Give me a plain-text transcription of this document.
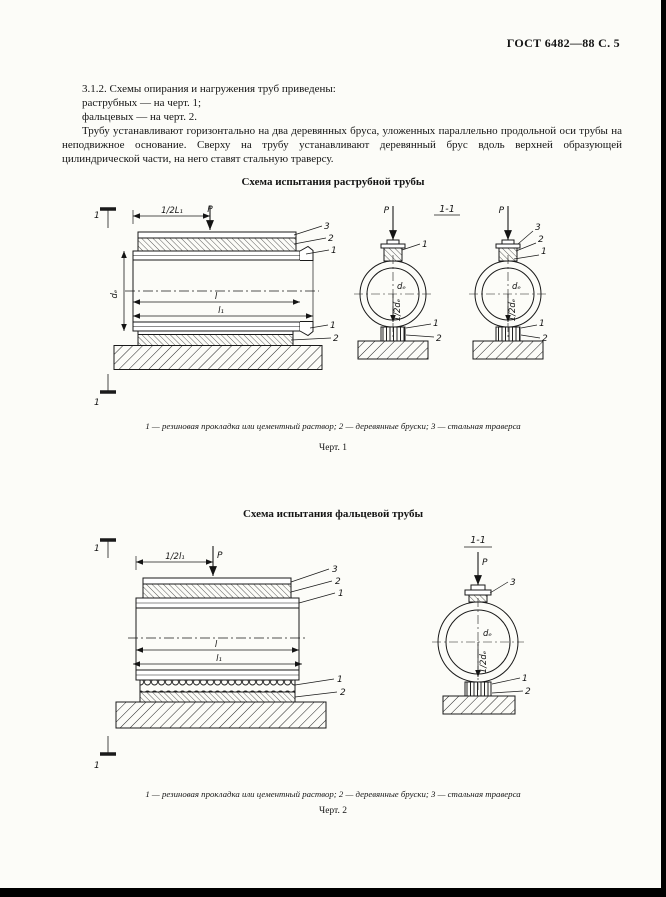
ГОСТ 6482—88 С. 5

3.1.2. Схемы опирания и нагружения труб приведены:

раструбных — на черт. 1;

фальцевых — на черт. 2.

Трубу устанавливают горизонтально на два деревянных бруса, уложенных параллельно продольной оси трубы на неподвижное основание. Сверху на трубу устанавливают деревянный брус вдоль верхней образующей цилиндрической части, на него ставят стальную траверсу.

Схема испытания раструбной трубы
1
1
1/2L₁	P
l
l₁
dₑ
3
2
1
1
2
P
1
dₑ
1/2dₑ
1
2
1-1	P
3
2
1
dₑ
1/2dₑ
1
2
1 — резиновая прокладка или цементный раствор; 2 — деревянные бруски; 3 — стальная траверса
Черт. 1
Схема испытания фальцевой трубы
1
1
1/2l₁	P
l
l₁
3
2
1
1
2
1-1
P
3
dₑ
1/2dₑ
1
2
1 — резиновая прокладка или цементный раствор; 2 — деревянные бруски; 3 — стальная траверса
Черт. 2
